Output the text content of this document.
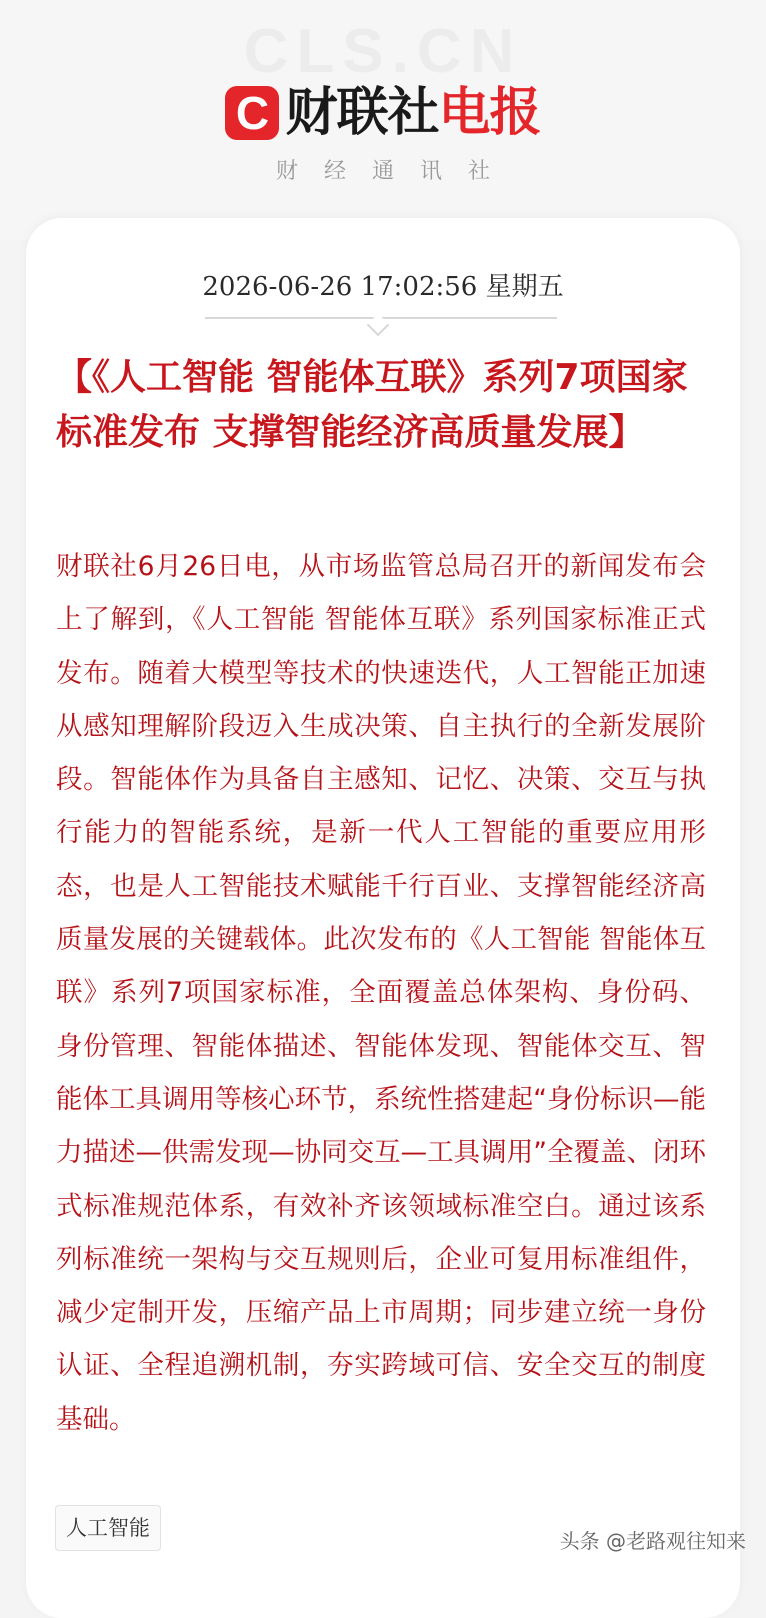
CLS.CN
C 财联社电报
财经通讯社
2026-06-26 17:02:56 星期五
【《人工智能 智能体互联》系列7项国家标准发布 支撑智能经济高质量发展】

财联社6月26日电，从市场监管总局召开的新闻发布会上了解到，《人工智能 智能体互联》系列国家标准正式发布。随着大模型等技术的快速迭代，人工智能正加速从感知理解阶段迈入生成决策、自主执行的全新发展阶段。智能体作为具备自主感知、记忆、决策、交互与执行能力的智能系统，是新一代人工智能的重要应用形态，也是人工智能技术赋能千行百业、支撑智能经济高质量发展的关键载体。此次发布的《人工智能 智能体互联》系列7项国家标准，全面覆盖总体架构、身份码、身份管理、智能体描述、智能体发现、智能体交互、智能体工具调用等核心环节，系统性搭建起“身份标识—能力描述—供需发现—协同交互—工具调用”全覆盖、闭环式标准规范体系，有效补齐该领域标准空白。通过该系列标准统一架构与交互规则后，企业可复用标准组件，减少定制开发，压缩产品上市周期；同步建立统一身份认证、全程追溯机制，夯实跨域可信、安全交互的制度基础。

人工智能
头条 @老路观往知来
